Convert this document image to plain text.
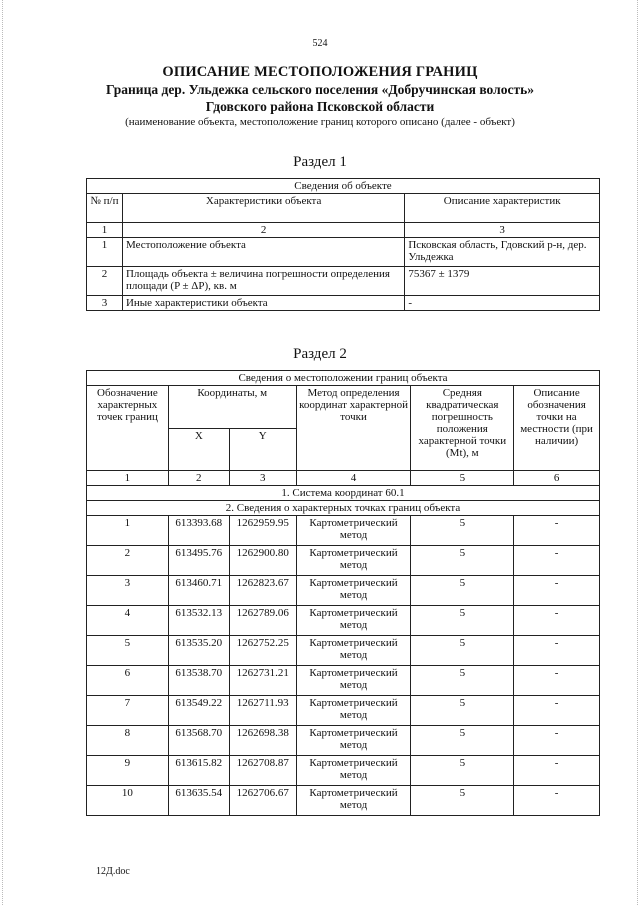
524
ОПИСАНИЕ МЕСТОПОЛОЖЕНИЯ ГРАНИЦ
Граница дер. Ульдежка сельского поселения «Добручинская волость»
Гдовского района Псковской области
(наименование объекта, местоположение границ которого описано (далее - объект)
Раздел 1
Сведения об объекте		
№ п/п	Характеристики объекта	Описание характеристик
1	2	3
1	Местоположение объекта	Псковская область, Гдовский р-н, дер. Ульдежка
2	Площадь объекта ± величина погрешности определения площади (P ± ΔP), кв. м	75367 ± 1379
3	Иные характеристики объекта	-
Раздел 2
Сведения о местоположении границ объекта					
Обозначение характерных точек границ	Координаты, м		Метод определения координат характерной точки	Средняя квадратическая погрешность положения характерной точки (Mt), м	Описание обозначения точки на местности (при наличии)
	X	Y			
1	2	3	4	5	6
1. Система координат 60.1					
2. Сведения о характерных точках границ объекта					
1	613393.68	1262959.95	Картометрический метод	5	-
2	613495.76	1262900.80	Картометрический метод	5	-
3	613460.71	1262823.67	Картометрический метод	5	-
4	613532.13	1262789.06	Картометрический метод	5	-
5	613535.20	1262752.25	Картометрический метод	5	-
6	613538.70	1262731.21	Картометрический метод	5	-
7	613549.22	1262711.93	Картометрический метод	5	-
8	613568.70	1262698.38	Картометрический метод	5	-
9	613615.82	1262708.87	Картометрический метод	5	-
10	613635.54	1262706.67	Картометрический метод	5	-
12Д.doc
